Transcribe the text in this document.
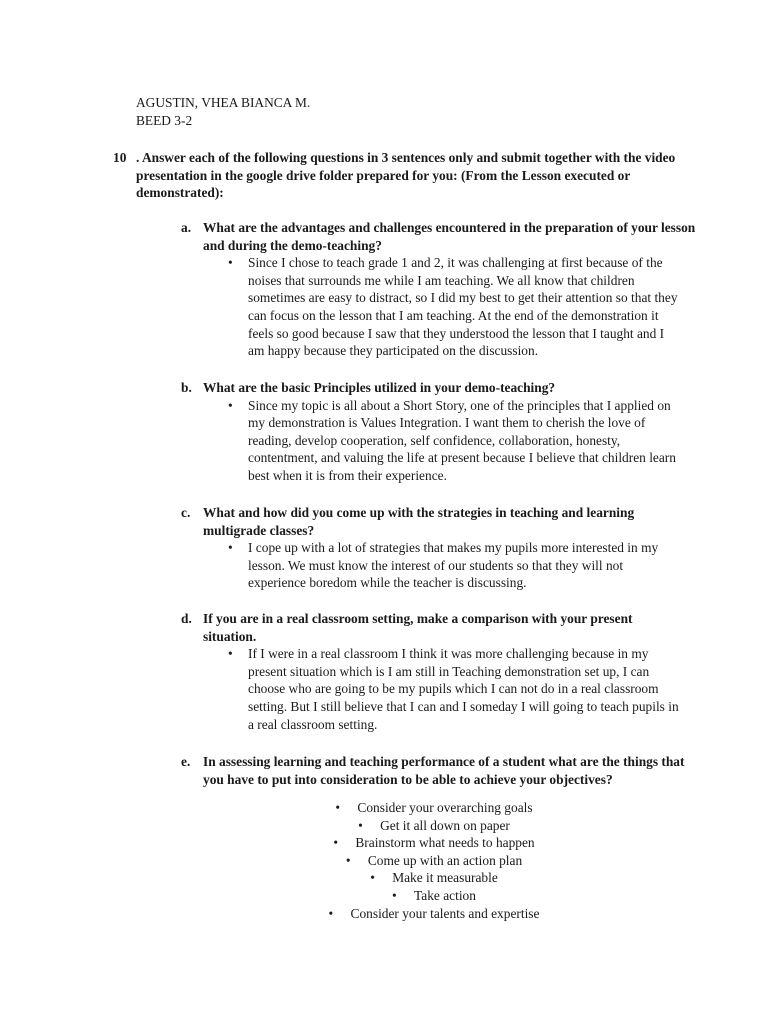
AGUSTIN, VHEA BIANCA M.
BEED 3-2
10 . Answer each of the following questions in 3 sentences only and submit together with the video presentation in the google drive folder prepared for you: (From the Lesson executed or demonstrated):
a. What are the advantages and challenges encountered in the preparation of your lesson and during the demo-teaching?
• Since I chose to teach grade 1 and 2, it was challenging at first because of the noises that surrounds me while I am teaching. We all know that children sometimes are easy to distract, so I did my best to get their attention so that they can focus on the lesson that I am teaching. At the end of the demonstration it feels so good because I saw that they understood the lesson that I taught and I am happy because they participated on the discussion.
b. What are the basic Principles utilized in your demo-teaching?
• Since my topic is all about a Short Story, one of the principles that I applied on my demonstration is Values Integration. I want them to cherish the love of reading, develop cooperation, self confidence, collaboration, honesty, contentment, and valuing the life at present because I believe that children learn best when it is from their experience.
c. What and how did you come up with the strategies in teaching and learning multigrade classes?
• I cope up with a lot of strategies that makes my pupils more interested in my lesson. We must know the interest of our students so that they will not experience boredom while the teacher is discussing.
d. If you are in a real classroom setting, make a comparison with your present situation.
• If I were in a real classroom I think it was more challenging because in my present situation which is I am still in Teaching demonstration set up, I can choose who are going to be my pupils which I can not do in a real classroom setting. But I still believe that I can and I someday I will going to teach pupils in a real classroom setting.
e. In assessing learning and teaching performance of a student what are the things that you have to put into consideration to be able to achieve your objectives?
• Consider your overarching goals
• Get it all down on paper
• Brainstorm what needs to happen
• Come up with an action plan
• Make it measurable
• Take action
• Consider your talents and expertise
